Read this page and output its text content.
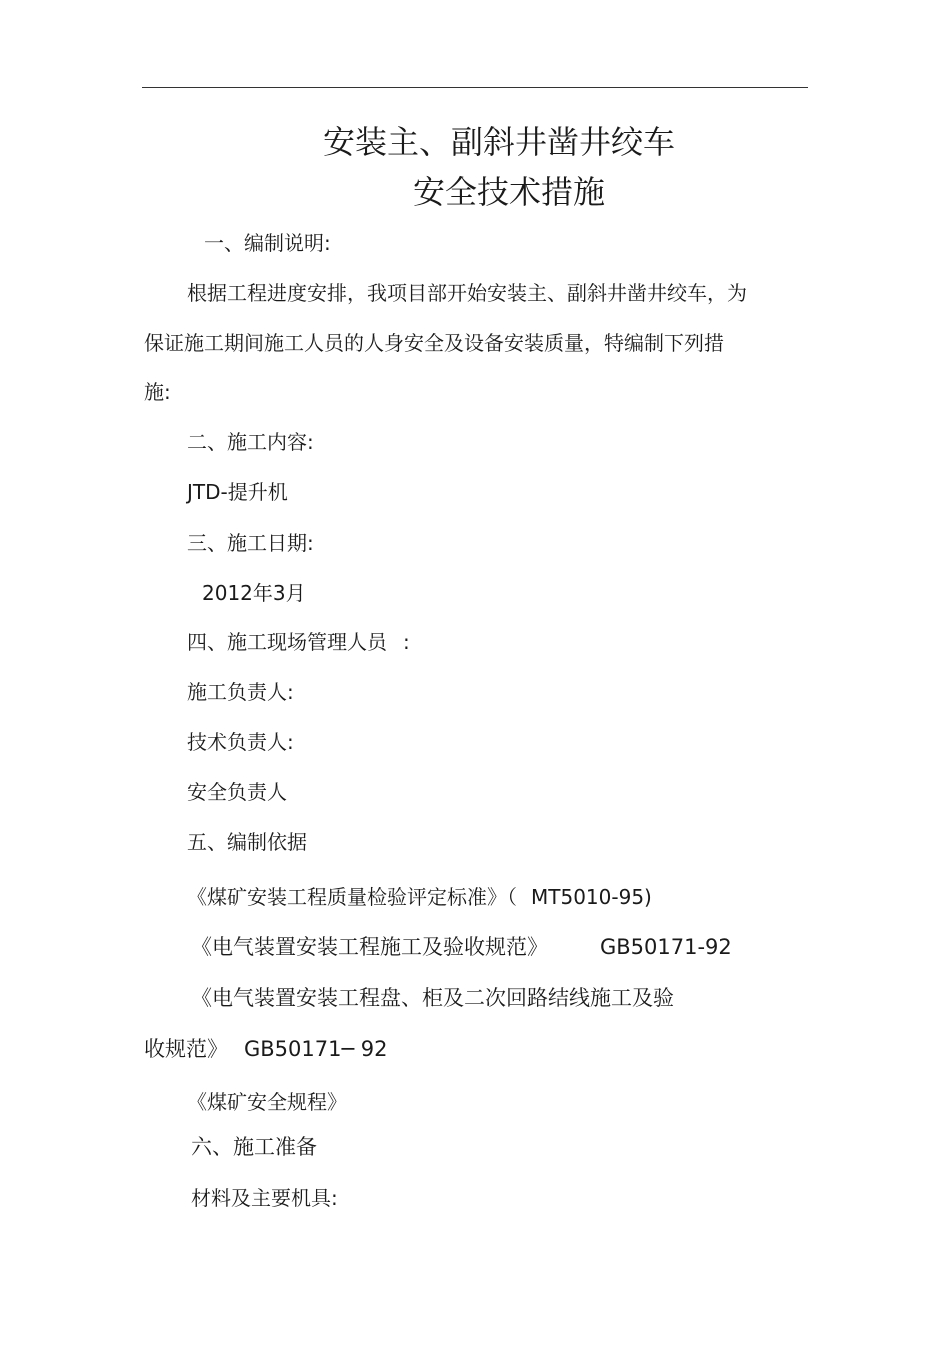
安装主、副斜井凿井绞车
安全技术措施
一、编制说明:
根据工程进度安排，我项目部开始安装主、副斜井凿井绞车，为
保证施工期间施工人员的人身安全及设备安装质量，特编制下列措
施:
二、施工内容:
JTD-提升机
三、施工日期:
2012年3月
四、施工现场管理人员 :
施工负责人:
技术负责人:
安全负责人
五、编制依据
《煤矿安装工程质量检验评定标准》（ MT5010-95)
《电气装置安装工程施工及验收规范》 GB50171-92
《电气装置安装工程盘、柜及二次回路结线施工及验
收规范》 GB50171─ 92
《煤矿安全规程》
六、施工准备
材料及主要机具:
